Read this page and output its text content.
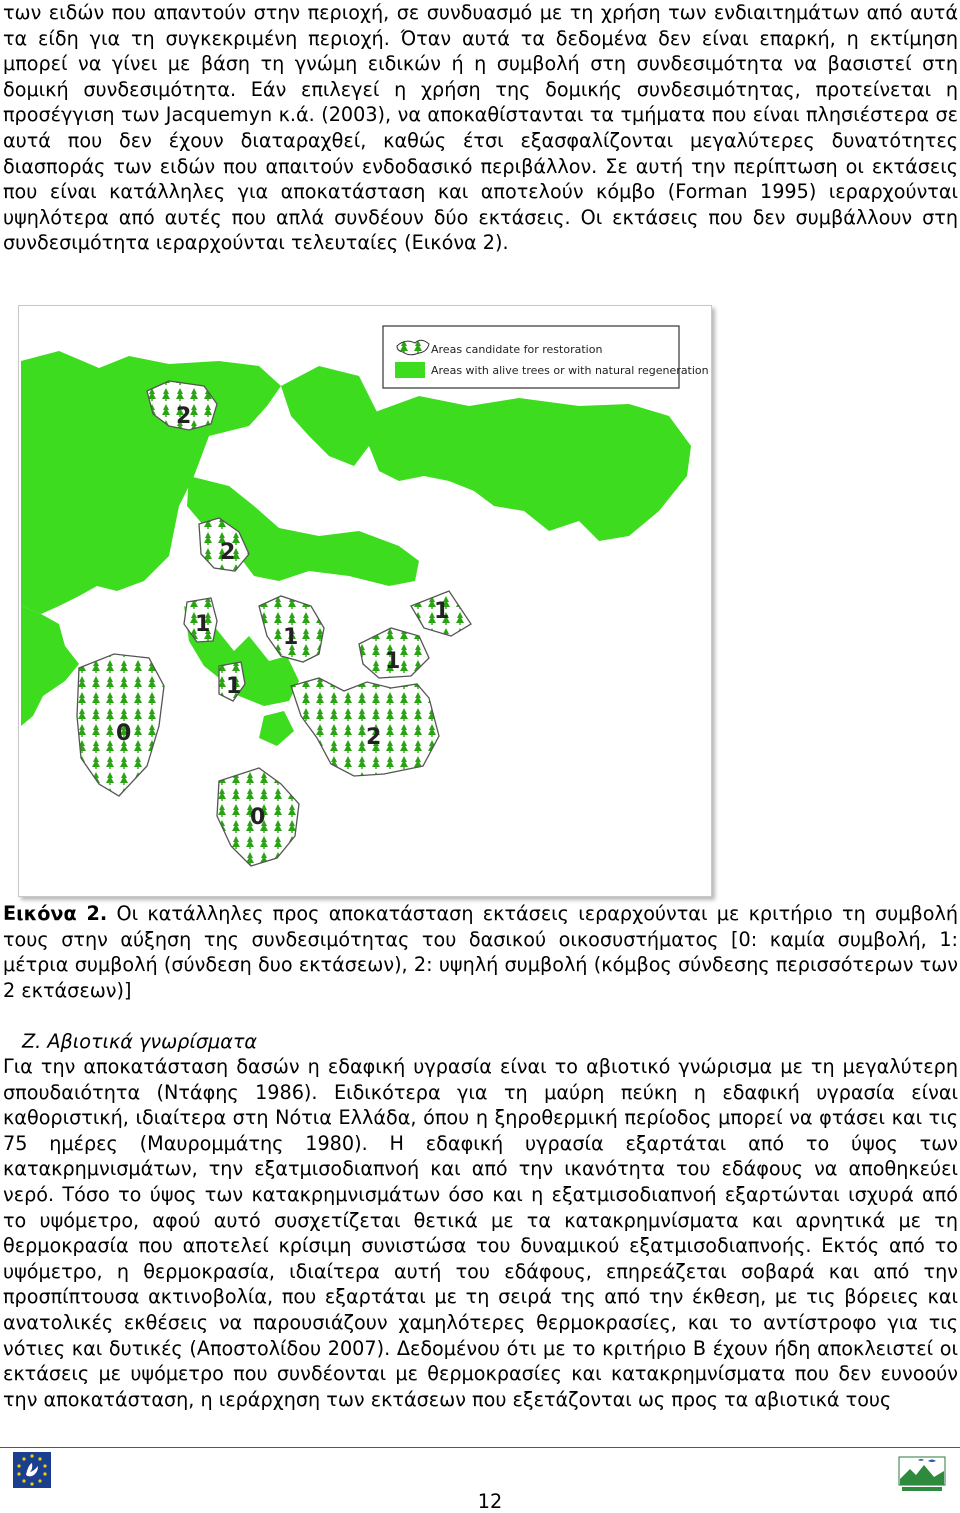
των ειδών που απαντούν στην περιοχή, σε συνδυασμό με τη χρήση των ενδιαιτημάτων από αυτά τα είδη για τη συγκεκριμένη περιοχή. Όταν αυτά τα δεδομένα δεν είναι επαρκή, η εκτίμηση μπορεί να γίνει με βάση τη γνώμη ειδικών ή η συμβολή στη συνδεσιμότητα να βασιστεί στη δομική συνδεσιμότητα. Εάν επιλεγεί η χρήση της δομικής συνδεσιμότητας, προτείνεται η προσέγγιση των Jacquemyn κ.ά. (2003), να αποκαθίστανται τα τμήματα που είναι πλησιέστερα σε αυτά που δεν έχουν διαταραχθεί, καθώς έτσι εξασφαλίζονται μεγαλύτερες δυνατότητες διασποράς των ειδών που απαιτούν ενδοδασικό περιβάλλον. Σε αυτή την περίπτωση οι εκτάσεις που είναι κατάλληλες για αποκατάσταση και αποτελούν κόμβο (Forman 1995) ιεραρχούνται υψηλότερα από αυτές που απλά συνδέουν δύο εκτάσεις. Οι εκτάσεις που δεν συμβάλλουν στη συνδεσιμότητα ιεραρχούνται τελευταίες (Εικόνα 2).
Areas candidate for restoration
Areas with alive trees or with natural regeneration
2
2
1
1
1
1
1
0	2
0
Εικόνα 2. Οι κατάλληλες προς αποκατάσταση εκτάσεις ιεραρχούνται με κριτήριο τη συμβολή τους στην αύξηση της συνδεσιμότητας του δασικού οικοσυστήματος [0: καμία συμβολή, 1: μέτρια συμβολή (σύνδεση δυο εκτάσεων), 2: υψηλή συμβολή (κόμβος σύνδεσης περισσότερων των 2 εκτάσεων)]
Ζ. Αβιοτικά γνωρίσματα
Για την αποκατάσταση δασών η εδαφική υγρασία είναι το αβιοτικό γνώρισμα με τη μεγαλύτερη σπουδαιότητα (Ντάφης 1986). Ειδικότερα για τη μαύρη πεύκη η εδαφική υγρασία είναι καθοριστική, ιδιαίτερα στη Νότια Ελλάδα, όπου η ξηροθερμική περίοδος μπορεί να φτάσει και τις 75 ημέρες (Μαυρομμάτης 1980). Η εδαφική υγρασία εξαρτάται από το ύψος των κατακρημνισμάτων, την εξατμισοδιαπνοή και από την ικανότητα του εδάφους να αποθηκεύει νερό. Τόσο το ύψος των κατακρημνισμάτων όσο και η εξατμισοδιαπνοή εξαρτώνται ισχυρά από το υψόμετρο, αφού αυτό συσχετίζεται θετικά με τα κατακρημνίσματα και αρνητικά με τη θερμοκρασία που αποτελεί κρίσιμη συνιστώσα του δυναμικού εξατμισοδιαπνοής. Εκτός από το υψόμετρο, η θερμοκρασία, ιδιαίτερα αυτή του εδάφους, επηρεάζεται σοβαρά και από την προσπίπτουσα ακτινοβολία, που εξαρτάται με τη σειρά της από την έκθεση, με τις βόρειες και ανατολικές εκθέσεις να παρουσιάζουν χαμηλότερες θερμοκρασίες, και το αντίστροφο για τις νότιες και δυτικές (Αποστολίδου 2007). Δεδομένου ότι με το κριτήριο Β έχουν ήδη αποκλειστεί οι εκτάσεις με υψόμετρο που συνδέονται με θερμοκρασίες και κατακρημνίσματα που δεν ευνοούν την αποκατάσταση, η ιεράρχηση των εκτάσεων που εξετάζονται ως προς τα αβιοτικά τους
12
